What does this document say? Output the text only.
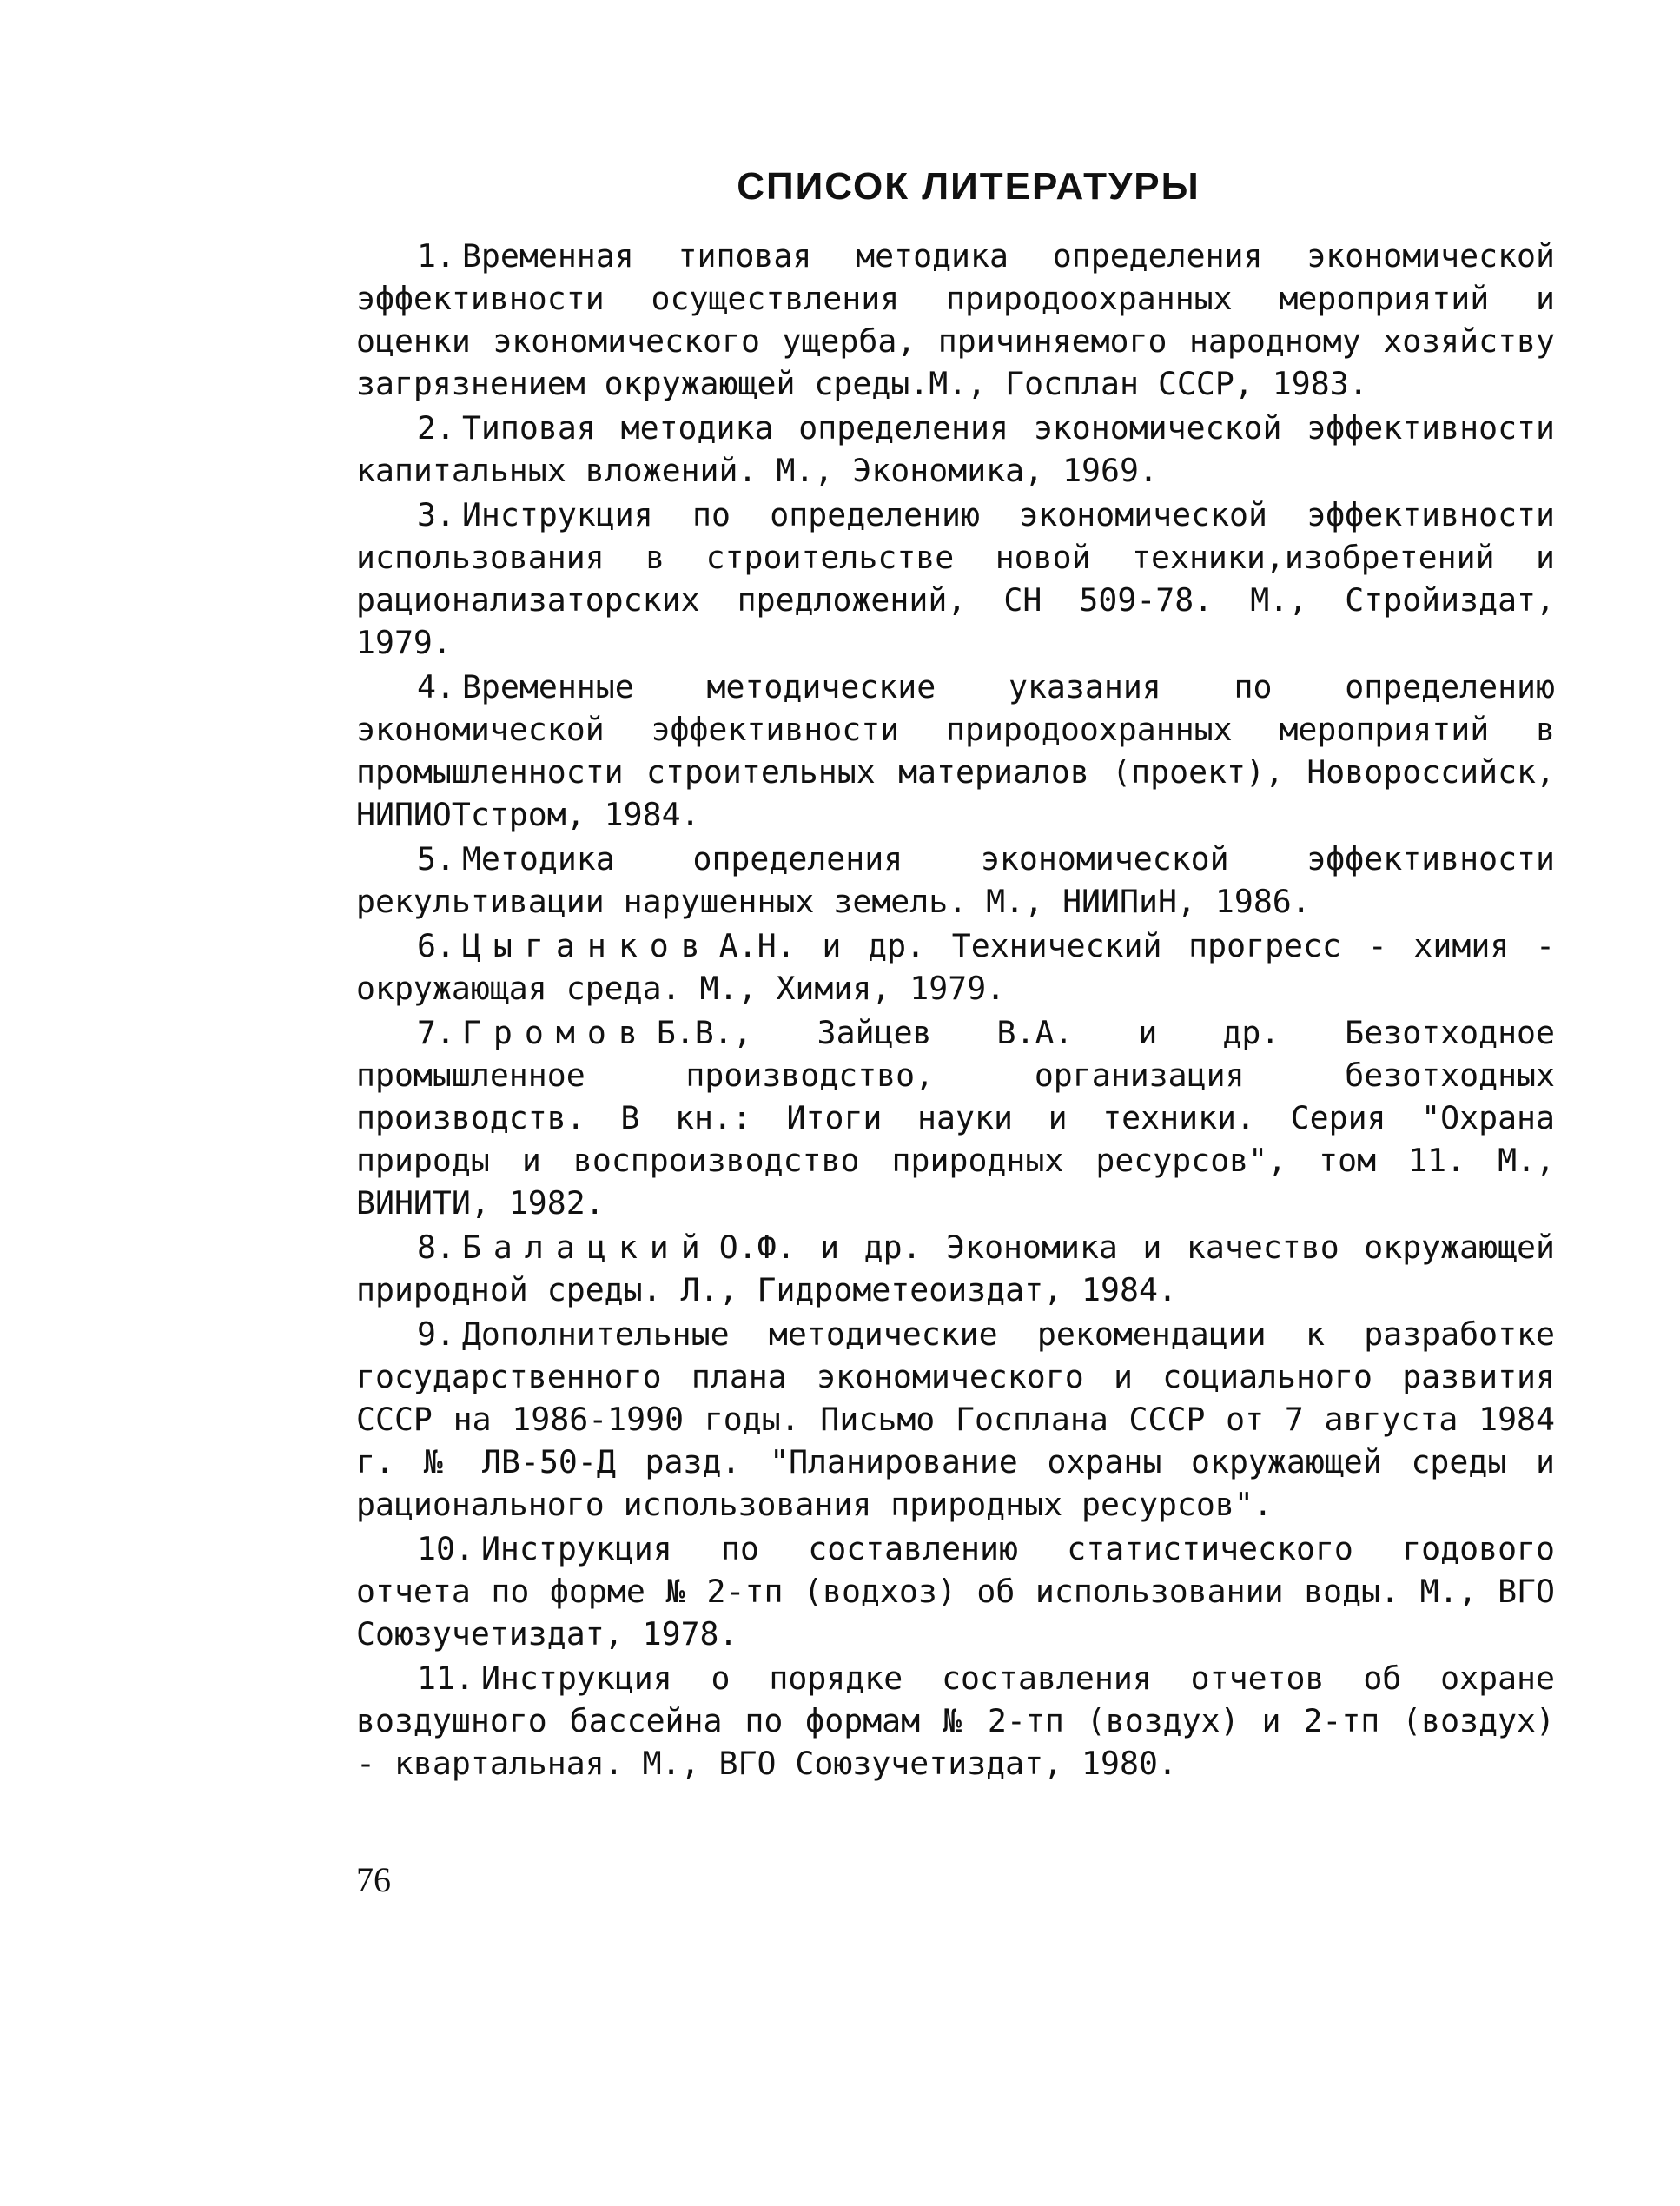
СПИСОК ЛИТЕРАТУРЫ
1. Временная типовая методика определения экономической эффективности осуществления природоохранных мероприятий и оценки экономического ущерба, причиняемого народному хозяйству загрязнением окружающей среды.М., Госплан СССР, 1983.
2. Типовая методика определения экономической эффективности капитальных вложений. М., Экономика, 1969.
3. Инструкция по определению экономической эффективности использования в строительстве новой техники,изобретений и рационализаторских предложений, СН 509-78. М., Стройиздат, 1979.
4. Временные методические указания по определению экономической эффективности природоохранных мероприятий в промышленности строительных материалов (проект), Новороссийск, НИПИОТстром, 1984.
5. Методика определения экономической эффективности рекультивации нарушенных земель. М., НИИПиН, 1986.
6. Цыганков А.Н. и др. Технический прогресс - химия - окружающая среда. М., Химия, 1979.
7. Громов Б.В., Зайцев В.А. и др. Безотходное промышленное производство, организация безотходных производств. В кн.: Итоги науки и техники. Серия "Охрана природы и воспроизводство природных ресурсов", том 11. М., ВИНИТИ, 1982.
8. Балацкий О.Ф. и др. Экономика и качество окружающей природной среды. Л., Гидрометеоиздат, 1984.
9. Дополнительные методические рекомендации к разработке государственного плана экономического и социального развития СССР на 1986-1990 годы. Письмо Госплана СССР от 7 августа 1984 г. № ЛВ-50-Д разд. "Планирование охраны окружающей среды и рационального использования природных ресурсов".
10. Инструкция по составлению статистического годового отчета по форме № 2-тп (водхоз) об использовании воды. М., ВГО Союзучетиздат, 1978.
11. Инструкция о порядке составления отчетов об охране воздушного бассейна по формам № 2-тп (воздух) и 2-тп (воздух) - квартальная. М., ВГО Союзучетиздат, 1980.
76
